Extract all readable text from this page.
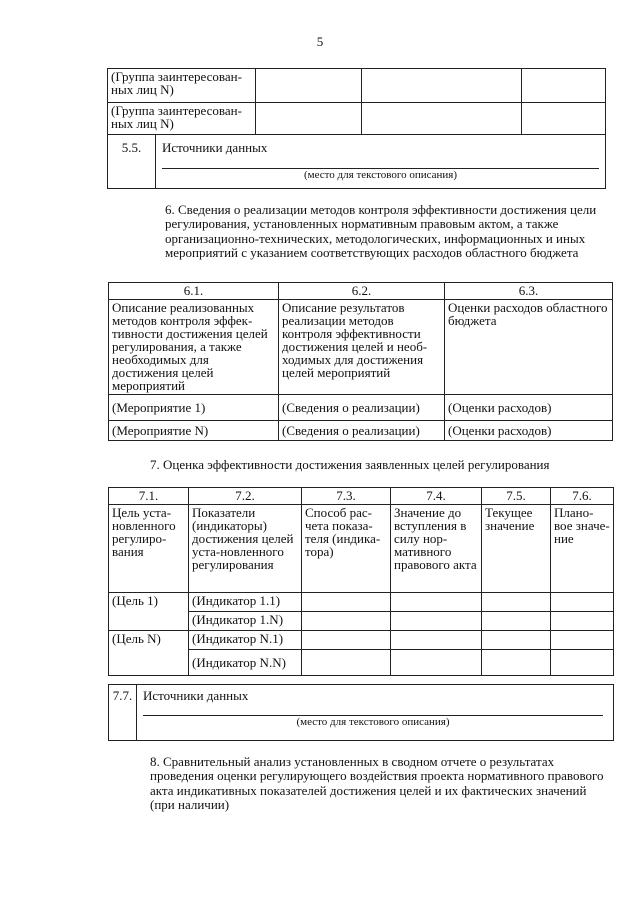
5
(Группа заинтересован-ных лиц N)			
(Группа заинтересован-ных лиц N)			
5.5.	Источники данных
(место для текстового описания)
6. Сведения о реализации методов контроля эффективности достижения цели регулирования, установленных нормативным правовым актом, а также организационно-технических, методологических, информационных и иных мероприятий с указанием соответствующих расходов областного бюджета
6.1.	6.2.	6.3.
Описание реализованных методов контроля эффек-тивности достижения целей регулирования, а также необходимых для достижения целей мероприятий	Описание результатов реализации методов контроля эффективности достижения целей и необ-ходимых для достижения целей мероприятий	Оценки расходов областного бюджета
(Мероприятие 1)	(Сведения о реализации)	(Оценки расходов)
(Мероприятие N)	(Сведения о реализации)	(Оценки расходов)
7. Оценка эффективности достижения заявленных целей регулирования
7.1.	7.2.	7.3.	7.4.	7.5.	7.6.
Цель уста-новленного регулиро-вания	Показатели (индикаторы) достижения целей уста-новленного регулирования	Способ рас-чета показа-теля (индика-тора)	Значение до вступления в силу нор-мативного правового акта	Текущее значение	Плано-вое значе-ние
(Цель 1)	(Индикатор 1.1)				
	(Индикатор 1.N)				
(Цель N)	(Индикатор N.1)				
	(Индикатор N.N)				
7.7.	Источники данных
(место для текстового описания)
8. Сравнительный анализ установленных в сводном отчете о результатах проведения оценки регулирующего воздействия проекта нормативного правового акта индикативных показателей достижения целей и их фактических значений (при наличии)
